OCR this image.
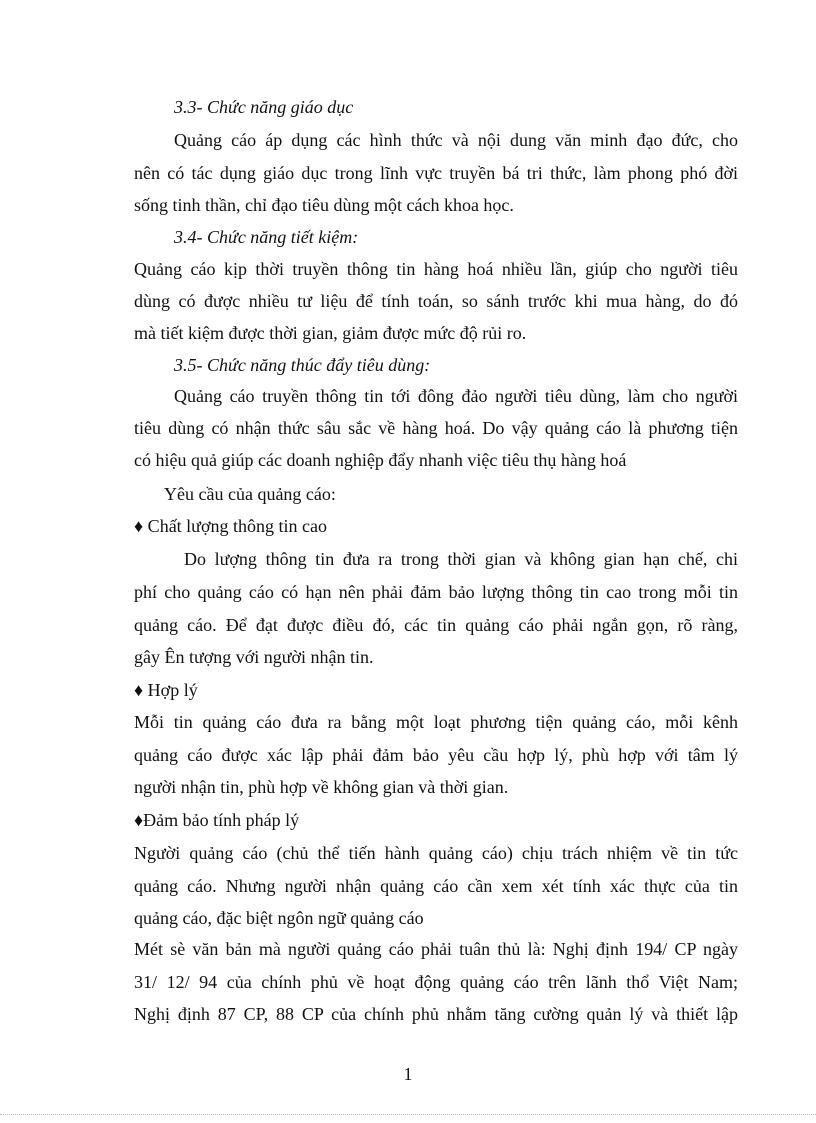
3.3- Chức năng giáo dục
Quảng cáo áp dụng các hình thức và nội dung văn minh đạo đức, cho
nên có tác dụng giáo dục trong lĩnh vực truyền bá tri thức, làm phong phó đời
sống tinh thần, chỉ đạo tiêu dùng một cách khoa học.
3.4- Chức năng tiết kiệm:
Quảng cáo kịp thời truyền thông tin hàng hoá nhiều lần, giúp cho người tiêu
dùng có được nhiều tư liệu để tính toán, so sánh trước khi mua hàng, do đó
mà tiết kiệm được thời gian, giảm được mức độ rủi ro.
3.5- Chức năng thúc đẩy tiêu dùng:
Quảng cáo truyền thông tin tới đông đảo người tiêu dùng, làm cho người
tiêu dùng có nhận thức sâu sắc về hàng hoá. Do vậy quảng cáo là phương tiện
có hiệu quả giúp các doanh nghiệp đẩy nhanh việc tiêu thụ hàng hoá
Yêu cầu của quảng cáo:
♦ Chất lượng thông tin cao
Do lượng thông tin đưa ra trong thời gian và không gian hạn chế, chi
phí cho quảng cáo có hạn nên phải đảm bảo lượng thông tin cao trong mỗi tin
quảng cáo. Để đạt được điều đó, các tin quảng cáo phải ngắn gọn, rõ ràng,
gây Ên tượng với người nhận tin.
♦ Hợp lý
Mỗi tin quảng cáo đưa ra bằng một loạt phương tiện quảng cáo, mỗi kênh
quảng cáo được xác lập phải đảm bảo yêu cầu hợp lý, phù hợp với tâm lý
người nhận tin, phù hợp về không gian và thời gian.
♦Đảm bảo tính pháp lý
Người quảng cáo (chủ thể tiến hành quảng cáo) chịu trách nhiệm về tin tức
quảng cáo. Nhưng người nhận quảng cáo cần xem xét tính xác thực của tin
quảng cáo, đặc biệt ngôn ngữ quảng cáo
Mét sè văn bản mà người quảng cáo phải tuân thủ là: Nghị định 194/ CP ngày
31/ 12/ 94 của chính phủ về hoạt động quảng cáo trên lãnh thổ Việt Nam;
Nghị định 87 CP, 88 CP của chính phủ nhằm tăng cường quản lý và thiết lập
1
